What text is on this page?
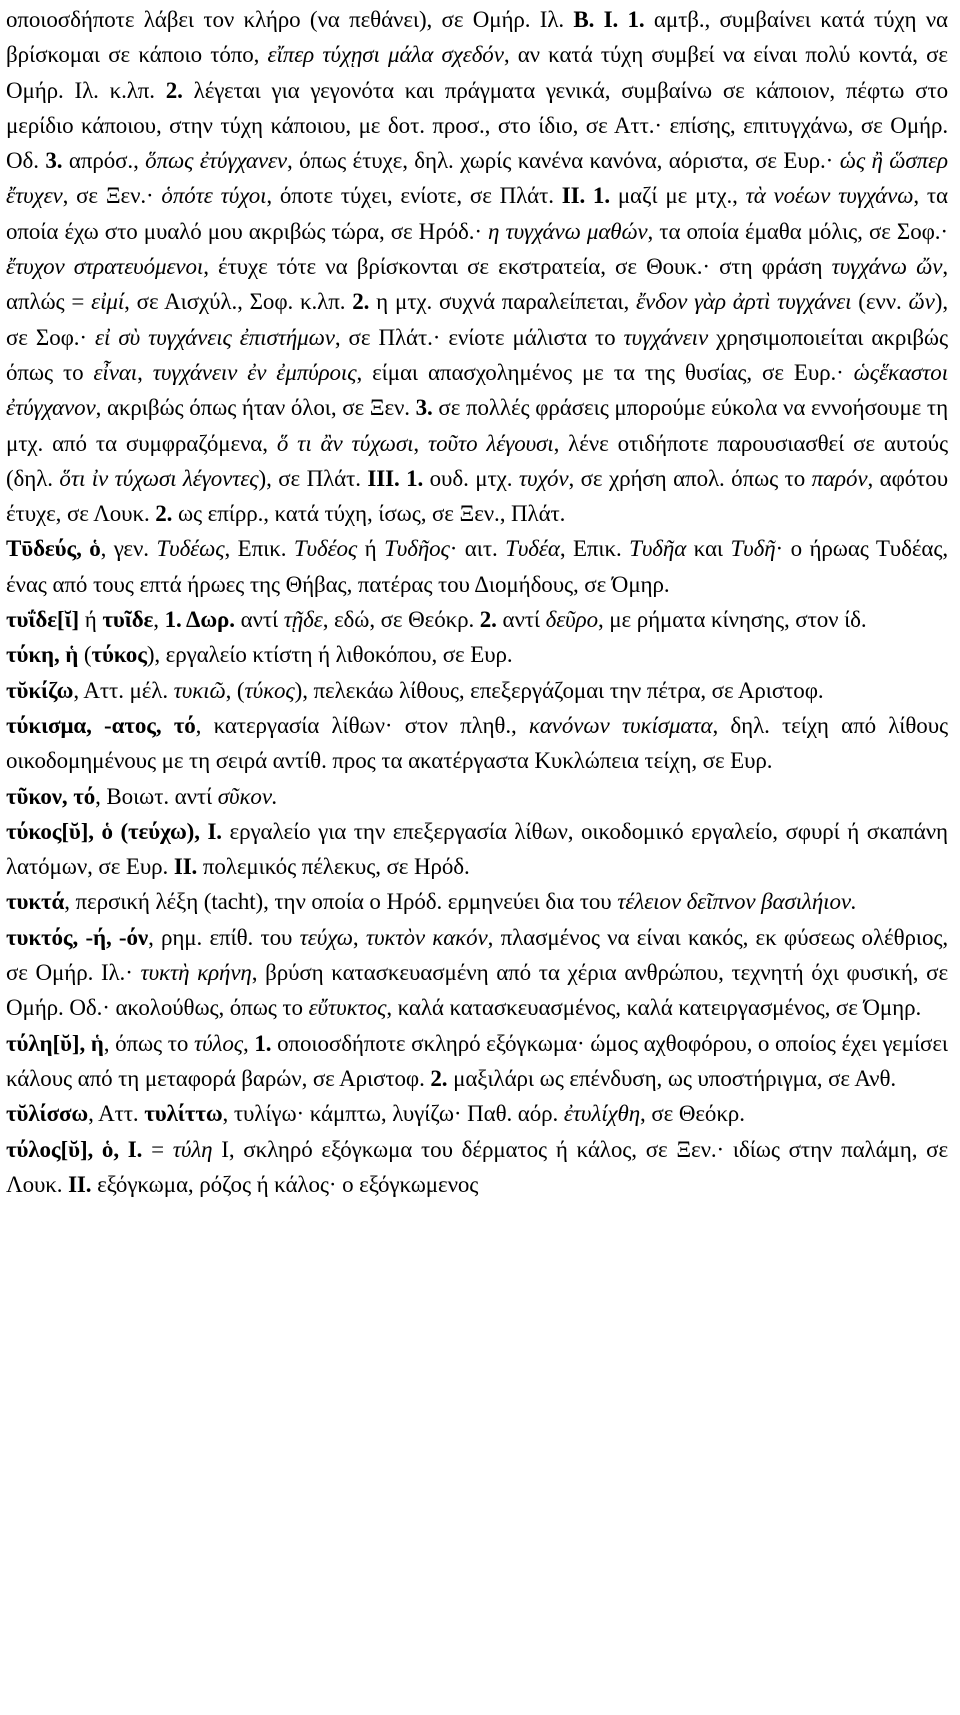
οποιοσδήποτε λάβει τον κλήρο (να πεθάνει), σε Ομήρ. Ιλ. Β. Ι. 1. αμτβ., συμβαίνει κατά τύχη να βρίσκομαι σε κάποιο τόπο, εἴπερ τύχῃσι μάλα σχεδόν, αν κατά τύχη συμβεί να είναι πολύ κοντά, σε Ομήρ. Ιλ. κ.λπ. 2. λέγεται για γεγονότα και πράγματα γενικά, συμβαίνω σε κάποιον, πέφτω στο μερίδιο κάποιου, στην τύχη κάποιου, με δοτ. προσ., στο ίδιο, σε Αττ.· επίσης, επιτυγχάνω, σε Ομήρ. Οδ. 3. απρόσ., ὅπως ἐτύγχανεν, όπως έτυχε, δηλ. χωρίς κανένα κανόνα, αόριστα, σε Ευρ.· ὡς ἢ ὥσπερ ἔτυχεν, σε Ξεν.· ὁπότε τύχοι, όποτε τύχει, ενίοτε, σε Πλάτ. II. 1. μαζί με μτχ., τὰ νοέων τυγχάνω, τα οποία έχω στο μυαλό μου ακριβώς τώρα, σε Ηρόδ.· η τυγχάνω μαθών, τα οποία έμαθα μόλις, σε Σοφ.· ἔτυχον στρατευόμενοι, έτυχε τότε να βρίσκονται σε εκστρατεία, σε Θουκ.· στη φράση τυγχάνω ὤν, απλώς = εἰμί, σε Αισχύλ., Σοφ. κ.λπ. 2. η μτχ. συχνά παραλείπεται, ἔνδον γὰρ ἀρτὶ τυγχάνει (ενν. ὤν), σε Σοφ.· εἰ σὺ τυγχάνεις ἐπιστήμων, σε Πλάτ.· ενίοτε μάλιστα το τυγχάνειν χρησιμοποιείται ακριβώς όπως το εἶναι, τυγχάνειν ἐν ἐμπύροις, είμαι απασχολημένος με τα της θυσίας, σε Ευρ.· ὡςἕκαστοι ἐτύγχανον, ακριβώς όπως ήταν όλοι, σε Ξεν. 3. σε πολλές φράσεις μπορούμε εύκολα να εννοήσουμε τη μτχ. από τα συμφραζόμενα, ὅ τι ἂν τύχωσι, τοῦτο λέγουσι, λένε οτιδήποτε παρουσιασθεί σε αυτούς (δηλ. ὅτι ἰν τύχωσι λέγοντες), σε Πλάτ. III. 1. ουδ. μτχ. τυχόν, σε χρήση απολ. όπως το παρόν, αφότου έτυχε, σε Λουκ. 2. ως επίρρ., κατά τύχη, ίσως, σε Ξεν., Πλάτ.

Τῡδεύς, ὁ, γεν. Τυδέως, Επικ. Τυδέος ή Τυδῆος· αιτ. Τυδέα, Επικ. Τυδῆα και Τυδῆ· ο ήρωας Τυδέας, ένας από τους επτά ήρωες της Θήβας, πατέρας του Διομήδους, σε Όμηρ.

τυΐδε[ῐ] ή τυῖδε, 1. Δωρ. αντί τῇδε, εδώ, σε Θεόκρ. 2. αντί δεῦρο, με ρήματα κίνησης, στον ίδ.

τύκη, ἡ (τύκος), εργαλείο κτίστη ή λιθοκόπου, σε Ευρ.

τῠκίζω, Αττ. μέλ. τυκιῶ, (τύκος), πελεκάω λίθους, επεξεργάζομαι την πέτρα, σε Αριστοφ.

τύκισμα, -ατος, τό, κατεργασία λίθων· στον πληθ., κανόνων τυκίσματα, δηλ. τείχη από λίθους οικοδομημένους με τη σειρά αντίθ. προς τα ακατέργαστα Κυκλώπεια τείχη, σε Ευρ.

τῦκον, τό, Βοιωτ. αντί σῦκον.

τύκος[ῠ], ὁ (τεύχω), I. εργαλείο για την επεξεργασία λίθων, οικοδομικό εργαλείο, σφυρί ή σκαπάνη λατόμων, σε Ευρ. II. πολεμικός πέλεκυς, σε Ηρόδ.

τυκτά, περσική λέξη (tacht), την οποία ο Ηρόδ. ερμηνεύει δια του τέλειον δεῖπνον βασιλήιον.

τυκτός, -ή, -όν, ρημ. επίθ. του τεύχω, τυκτὸν κακόν, πλασμένος να είναι κακός, εκ φύσεως ολέθριος, σε Ομήρ. Ιλ.· τυκτὴ κρήνη, βρύση κατασκευασμένη από τα χέρια ανθρώπου, τεχνητή όχι φυσική, σε Ομήρ. Οδ.· ακολούθως, όπως το εὔτυκτος, καλά κατασκευασμένος, καλά κατειργασμένος, σε Όμηρ.

τύλη[ῠ], ἡ, όπως το τύλος, 1. οποιοσδήποτε σκληρό εξόγκωμα· ώμος αχθοφόρου, ο οποίος έχει γεμίσει κάλους από τη μεταφορά βαρών, σε Αριστοφ. 2. μαξιλάρι ως επένδυση, ως υποστήριγμα, σε Ανθ.

τῠλίσσω, Αττ. τυλίττω, τυλίγω· κάμπτω, λυγίζω· Παθ. αόρ. ἐτυλίχθη, σε Θεόκρ.

τύλος[ῠ], ὁ, I. = τύλη I, σκληρό εξόγκωμα του δέρματος ή κάλος, σε Ξεν.· ιδίως στην παλάμη, σε Λουκ. II. εξόγκωμα, ρόζος ή κάλος· ο εξόγκωμενος
